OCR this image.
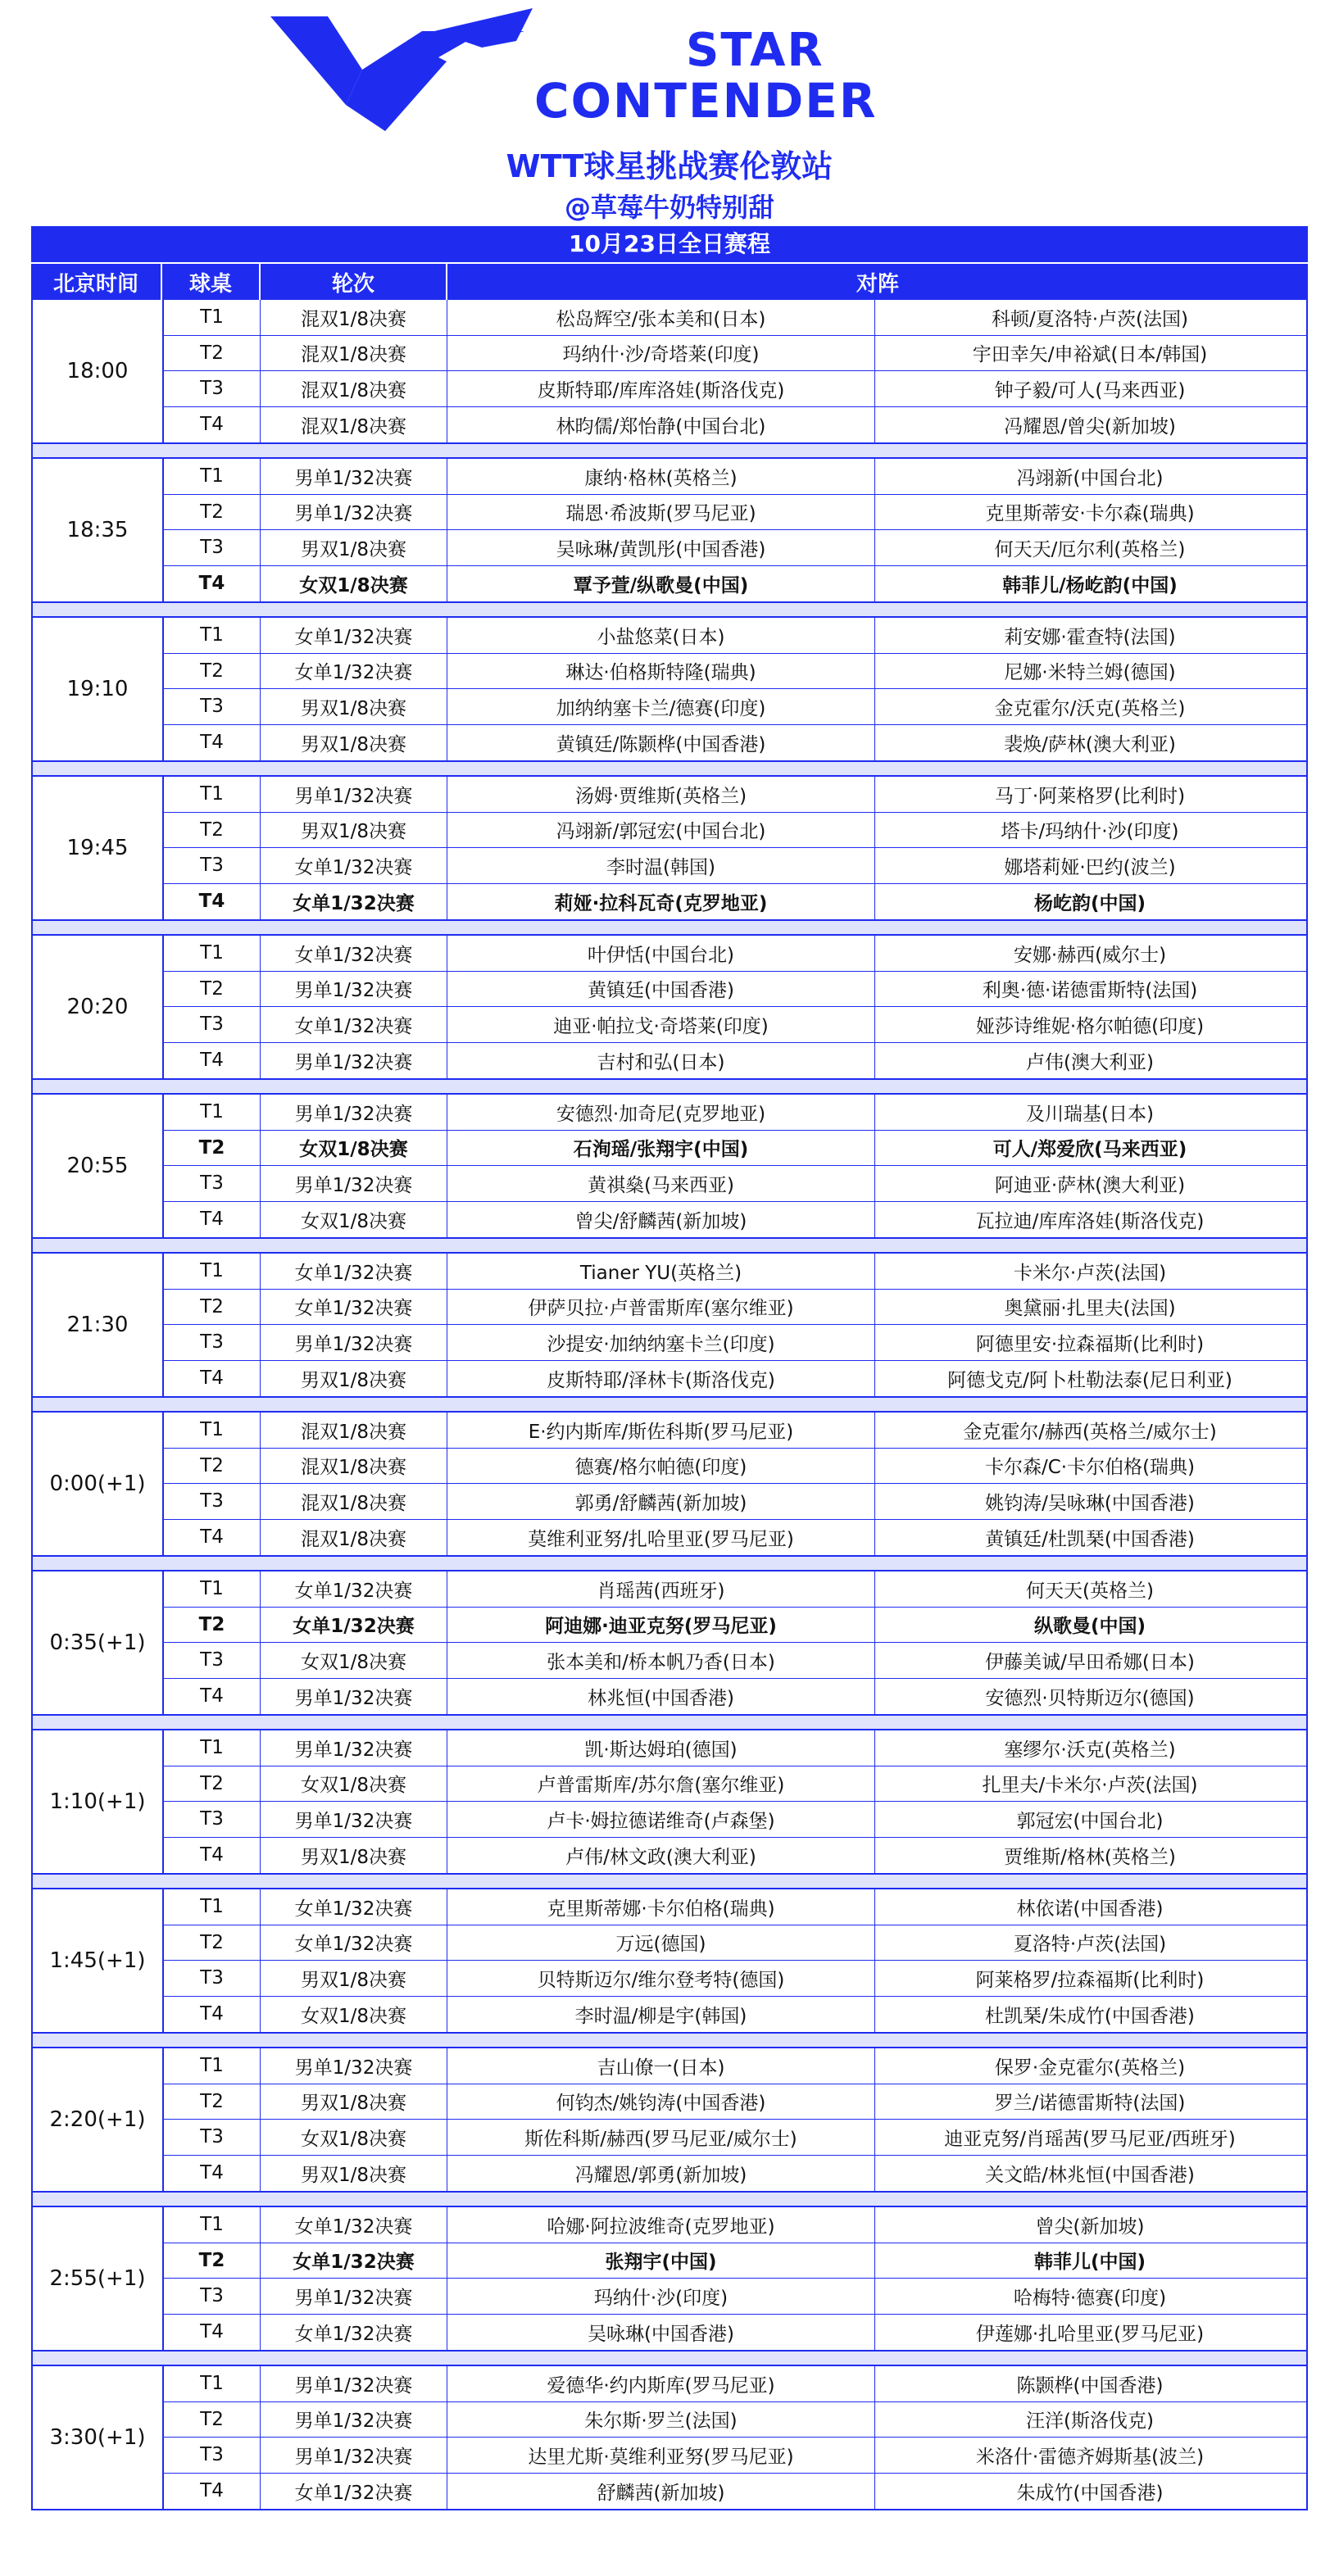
STAR
CONTENDER
WTT球星挑战赛伦敦站
@草莓牛奶特别甜
10月23日全日赛程
北京时间	球桌	轮次	对阵
18:00
T1	混双1/8决赛	松岛辉空/张本美和(日本)	科顿/夏洛特·卢茨(法国)
T2	混双1/8决赛	玛纳什·沙/奇塔莱(印度)	宇田幸矢/申裕斌(日本/韩国)
T3	混双1/8决赛	皮斯特耶/库库洛娃(斯洛伐克)	钟子毅/可人(马来西亚)
T4	混双1/8决赛	林昀儒/郑怡静(中国台北)	冯耀恩/曾尖(新加坡)
18:35
T1	男单1/32决赛	康纳·格林(英格兰)	冯翊新(中国台北)
T2	男单1/32决赛	瑞恩·希波斯(罗马尼亚)	克里斯蒂安·卡尔森(瑞典)
T3	男双1/8决赛	吴咏琳/黄凯彤(中国香港)	何天天/厄尔利(英格兰)
T4	女双1/8决赛	覃予萱/纵歌曼(中国)	韩菲儿/杨屹韵(中国)
19:10
T1	女单1/32决赛	小盐悠菜(日本)	莉安娜·霍查特(法国)
T2	女单1/32决赛	琳达·伯格斯特隆(瑞典)	尼娜·米特兰姆(德国)
T3	男双1/8决赛	加纳纳塞卡兰/德赛(印度)	金克霍尔/沃克(英格兰)
T4	男双1/8决赛	黄镇廷/陈颢桦(中国香港)	裴焕/萨林(澳大利亚)
19:45
T1	男单1/32决赛	汤姆·贾维斯(英格兰)	马丁·阿莱格罗(比利时)
T2	男双1/8决赛	冯翊新/郭冠宏(中国台北)	塔卡/玛纳什·沙(印度)
T3	女单1/32决赛	李时温(韩国)	娜塔莉娅·巴约(波兰)
T4	女单1/32决赛	莉娅·拉科瓦奇(克罗地亚)	杨屹韵(中国)
20:20
T1	女单1/32决赛	叶伊恬(中国台北)	安娜·赫西(威尔士)
T2	男单1/32决赛	黄镇廷(中国香港)	利奥·德·诺德雷斯特(法国)
T3	女单1/32决赛	迪亚·帕拉戈·奇塔莱(印度)	娅莎诗维妮·格尔帕德(印度)
T4	男单1/32决赛	吉村和弘(日本)	卢伟(澳大利亚)
20:55
T1	男单1/32决赛	安德烈·加奇尼(克罗地亚)	及川瑞基(日本)
T2	女双1/8决赛	石洵瑶/张翔宇(中国)	可人/郑爱欣(马来西亚)
T3	男单1/32决赛	黄祺燊(马来西亚)	阿迪亚·萨林(澳大利亚)
T4	女双1/8决赛	曾尖/舒麟茜(新加坡)	瓦拉迪/库库洛娃(斯洛伐克)
21:30
T1	女单1/32决赛	Tianer YU(英格兰)	卡米尔·卢茨(法国)
T2	女单1/32决赛	伊萨贝拉·卢普雷斯库(塞尔维亚)	奥黛丽·扎里夫(法国)
T3	男单1/32决赛	沙提安·加纳纳塞卡兰(印度)	阿德里安·拉森福斯(比利时)
T4	男双1/8决赛	皮斯特耶/泽林卡(斯洛伐克)	阿德戈克/阿卜杜勒法泰(尼日利亚)
0:00(+1)
T1	混双1/8决赛	E·约内斯库/斯佐科斯(罗马尼亚)	金克霍尔/赫西(英格兰/威尔士)
T2	混双1/8决赛	德赛/格尔帕德(印度)	卡尔森/C·卡尔伯格(瑞典)
T3	混双1/8决赛	郭勇/舒麟茜(新加坡)	姚钧涛/吴咏琳(中国香港)
T4	混双1/8决赛	莫维利亚努/扎哈里亚(罗马尼亚)	黄镇廷/杜凯琹(中国香港)
0:35(+1)
T1	女单1/32决赛	肖瑶茜(西班牙)	何天天(英格兰)
T2	女单1/32决赛	阿迪娜·迪亚克努(罗马尼亚)	纵歌曼(中国)
T3	女双1/8决赛	张本美和/桥本帆乃香(日本)	伊藤美诚/早田希娜(日本)
T4	男单1/32决赛	林兆恒(中国香港)	安德烈·贝特斯迈尔(德国)
1:10(+1)
T1	男单1/32决赛	凯·斯达姆珀(德国)	塞缪尔·沃克(英格兰)
T2	女双1/8决赛	卢普雷斯库/苏尔詹(塞尔维亚)	扎里夫/卡米尔·卢茨(法国)
T3	男单1/32决赛	卢卡·姆拉德诺维奇(卢森堡)	郭冠宏(中国台北)
T4	男双1/8决赛	卢伟/林文政(澳大利亚)	贾维斯/格林(英格兰)
1:45(+1)
T1	女单1/32决赛	克里斯蒂娜·卡尔伯格(瑞典)	林依诺(中国香港)
T2	女单1/32决赛	万远(德国)	夏洛特·卢茨(法国)
T3	男双1/8决赛	贝特斯迈尔/维尔登考特(德国)	阿莱格罗/拉森福斯(比利时)
T4	女双1/8决赛	李时温/柳是宇(韩国)	杜凯琹/朱成竹(中国香港)
2:20(+1)
T1	男单1/32决赛	吉山僚一(日本)	保罗·金克霍尔(英格兰)
T2	男双1/8决赛	何钧杰/姚钧涛(中国香港)	罗兰/诺德雷斯特(法国)
T3	女双1/8决赛	斯佐科斯/赫西(罗马尼亚/威尔士)	迪亚克努/肖瑶茜(罗马尼亚/西班牙)
T4	男双1/8决赛	冯耀恩/郭勇(新加坡)	关文皓/林兆恒(中国香港)
2:55(+1)
T1	女单1/32决赛	哈娜·阿拉波维奇(克罗地亚)	曾尖(新加坡)
T2	女单1/32决赛	张翔宇(中国)	韩菲儿(中国)
T3	男单1/32决赛	玛纳什·沙(印度)	哈梅特·德赛(印度)
T4	女单1/32决赛	吴咏琳(中国香港)	伊莲娜·扎哈里亚(罗马尼亚)
3:30(+1)
T1	男单1/32决赛	爱德华·约内斯库(罗马尼亚)	陈颢桦(中国香港)
T2	男单1/32决赛	朱尔斯·罗兰(法国)	汪洋(斯洛伐克)
T3	男单1/32决赛	达里尤斯·莫维利亚努(罗马尼亚)	米洛什·雷德齐姆斯基(波兰)
T4	女单1/32决赛	舒麟茜(新加坡)	朱成竹(中国香港)
